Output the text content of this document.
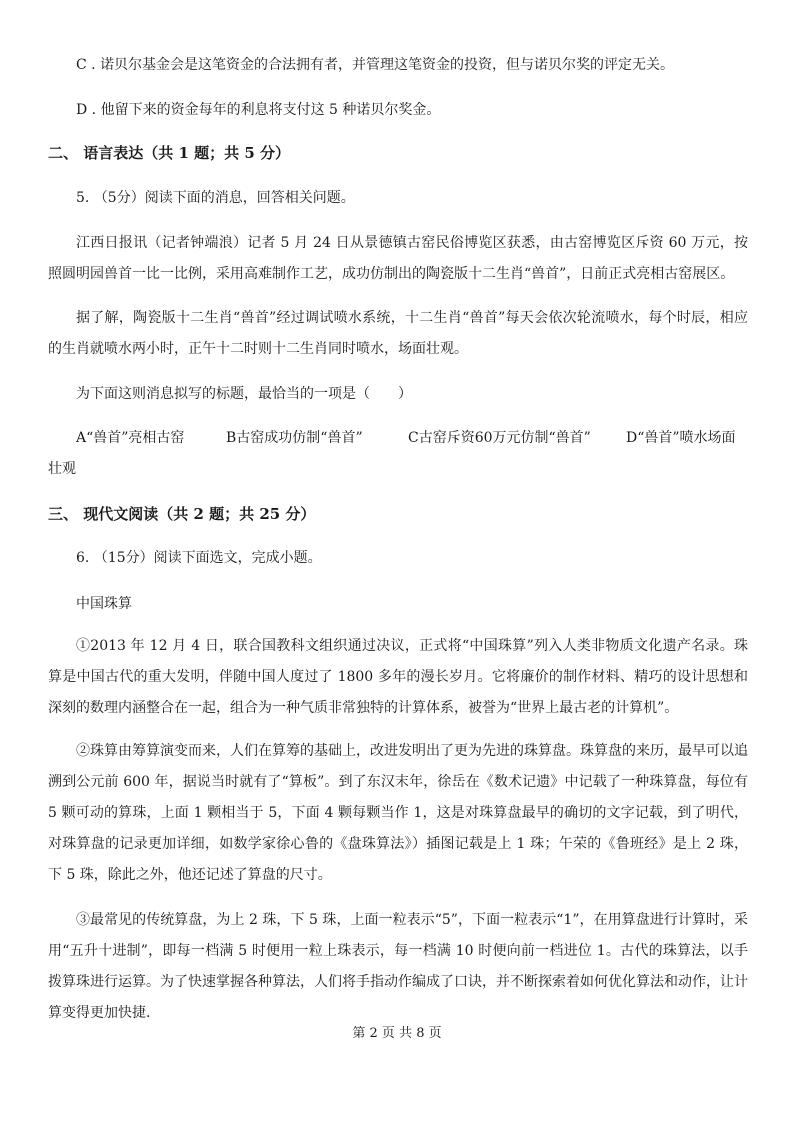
C . 诺贝尔基金会是这笔资金的合法拥有者，并管理这笔资金的投资，但与诺贝尔奖的评定无关。
D . 他留下来的资金每年的利息将支付这 5 种诺贝尔奖金。
二、 语言表达（共 1 题；共 5 分）
5. （5分）阅读下面的消息，回答相关问题。
江西日报讯（记者钟端浪）记者 5 月 24 日从景德镇古窑民俗博览区获悉，由古窑博览区斥资 60 万元，按照圆明园兽首一比一比例，采用高难制作工艺，成功仿制出的陶瓷版十二生肖“兽首”，日前正式亮相古窑展区。
据了解，陶瓷版十二生肖“兽首”经过调试喷水系统，十二生肖“兽首”每天会依次轮流喷水，每个时辰，相应的生肖就喷水两小时，正午十二时则十二生肖同时喷水，场面壮观。
为下面这则消息拟写的标题，最恰当的一项是（　　）
A“兽首”亮相古窑	B古窑成功仿制“兽首”	C古窑斥资60万元仿制“兽首”	D“兽首”喷水场面
壮观
三、 现代文阅读（共 2 题；共 25 分）
6. （15分）阅读下面选文，完成小题。
中国珠算
①2013 年 12 月 4 日，联合国教科文组织通过决议，正式将“中国珠算”列入人类非物质文化遗产名录。珠算是中国古代的重大发明，伴随中国人度过了 1800 多年的漫长岁月。它将廉价的制作材料、精巧的设计思想和深刻的数理内涵整合在一起，组合为一种气质非常独特的计算体系，被誉为“世界上最古老的计算机”。
②珠算由筹算演变而来，人们在算筹的基础上，改进发明出了更为先进的珠算盘。珠算盘的来历，最早可以追溯到公元前 600 年，据说当时就有了“算板”。到了东汉末年，徐岳在《数术记遗》中记载了一种珠算盘，每位有 5 颗可动的算珠，上面 1 颗相当于 5，下面 4 颗每颗当作 1，这是对珠算盘最早的确切的文字记载，到了明代，对珠算盘的记录更加详细，如数学家徐心鲁的《盘珠算法》）插图记载是上 1 珠；午荣的《鲁班经》是上 2 珠，下 5 珠，除此之外，他还记述了算盘的尺寸。
③最常见的传统算盘，为上 2 珠，下 5 珠，上面一粒表示“5”，下面一粒表示“1”，在用算盘进行计算时，采用“五升十进制”，即每一档满 5 时便用一粒上珠表示，每一档满 10 时便向前一档进位 1。古代的珠算法，以手拨算珠进行运算。为了快速掌握各种算法，人们将手指动作编成了口诀，并不断探索着如何优化算法和动作，让计算变得更加快捷.
第 2 页 共 8 页
